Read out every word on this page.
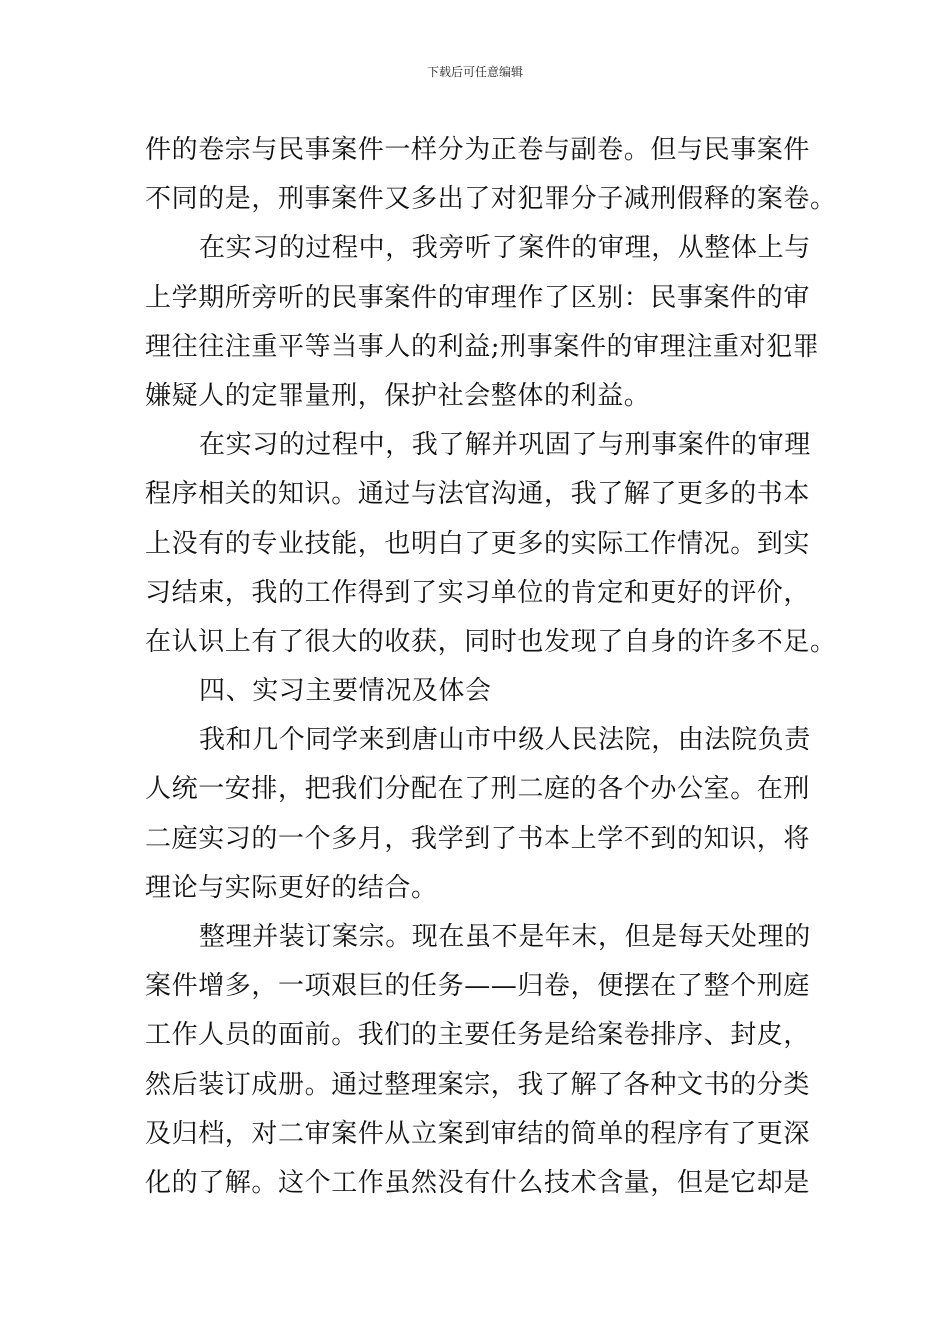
下载后可任意编辑
件的卷宗与民事案件一样分为正卷与副卷。但与民事案件
不同的是，刑事案件又多出了对犯罪分子减刑假释的案卷。
在实习的过程中，我旁听了案件的审理，从整体上与
上学期所旁听的民事案件的审理作了区别：民事案件的审
理往往注重平等当事人的利益;刑事案件的审理注重对犯罪
嫌疑人的定罪量刑，保护社会整体的利益。
在实习的过程中，我了解并巩固了与刑事案件的审理
程序相关的知识。通过与法官沟通，我了解了更多的书本
上没有的专业技能，也明白了更多的实际工作情况。到实
习结束，我的工作得到了实习单位的肯定和更好的评价，
在认识上有了很大的收获，同时也发现了自身的许多不足。
四、实习主要情况及体会
我和几个同学来到唐山市中级人民法院，由法院负责
人统一安排，把我们分配在了刑二庭的各个办公室。在刑
二庭实习的一个多月，我学到了书本上学不到的知识，将
理论与实际更好的结合。
整理并装订案宗。现在虽不是年末，但是每天处理的
案件增多，一项艰巨的任务——归卷，便摆在了整个刑庭
工作人员的面前。我们的主要任务是给案卷排序、封皮，
然后装订成册。通过整理案宗，我了解了各种文书的分类
及归档，对二审案件从立案到审结的简单的程序有了更深
化的了解。这个工作虽然没有什么技术含量，但是它却是
